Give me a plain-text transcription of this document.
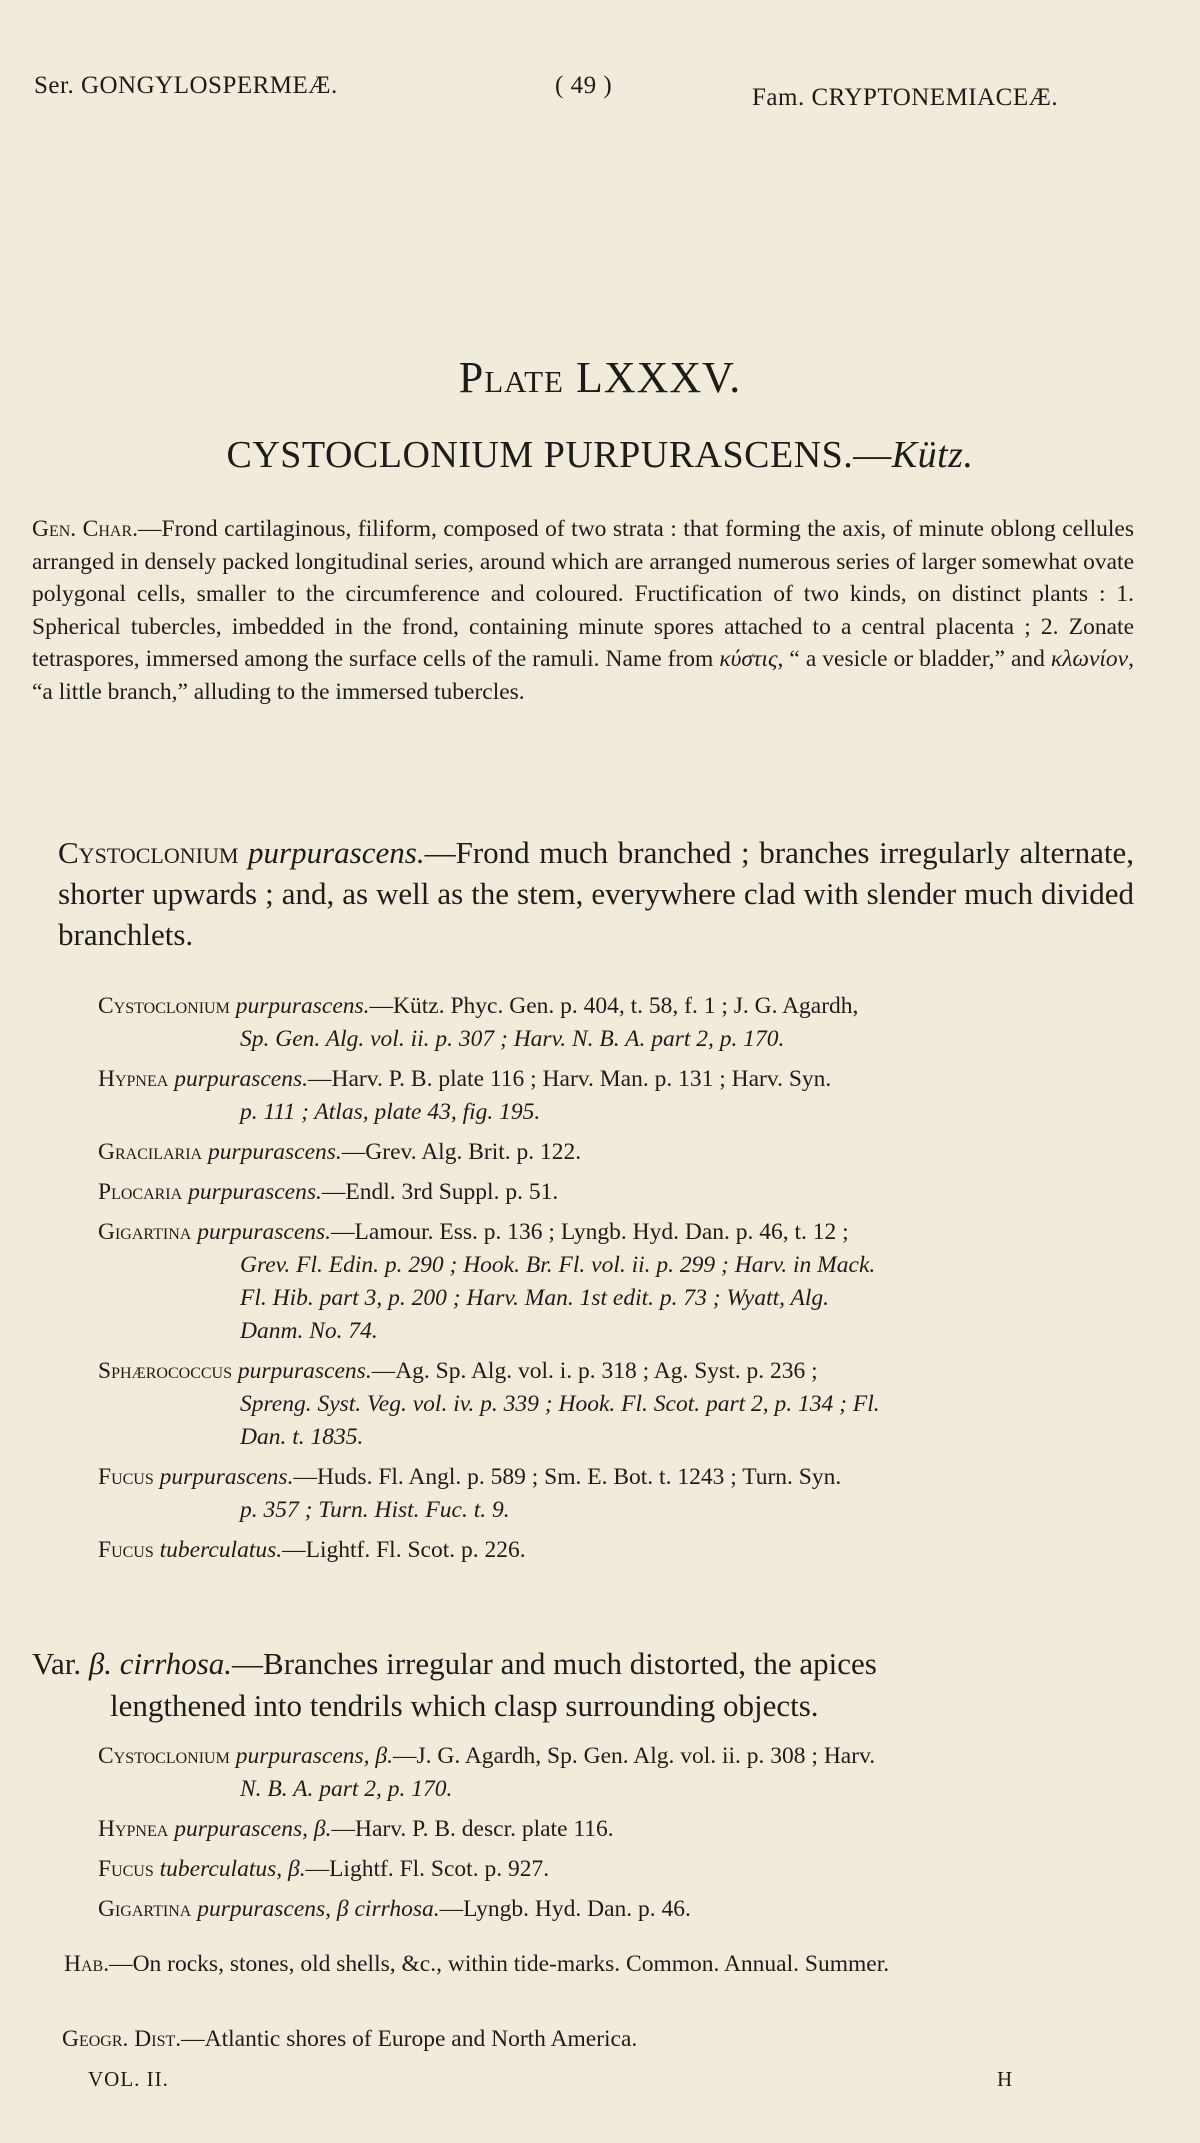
Ser. GONGYLOSPERMEÆ.	( 49 )	Fam. CRYPTONEMIACEÆ.
Plate LXXXV.
CYSTOCLONIUM PURPURASCENS.—Kütz.
Gen. Char.—Frond cartilaginous, filiform, composed of two strata : that forming the axis, of minute oblong cellules arranged in densely packed longitudinal series, around which are arranged numerous series of larger somewhat ovate polygonal cells, smaller to the circumference and coloured. Fructification of two kinds, on distinct plants : 1. Spherical tubercles, imbedded in the frond, containing minute spores attached to a central placenta ; 2. Zonate tetraspores, immersed among the surface cells of the ramuli. Name from κύστις, “ a vesicle or bladder,” and κλωνίον, “a little branch,” alluding to the immersed tubercles.
Cystoclonium purpurascens.—Frond much branched ; branches irregularly alternate, shorter upwards ; and, as well as the stem, everywhere clad with slender much divided branchlets.
Cystoclonium purpurascens.—Kütz. Phyc. Gen. p. 404, t. 58, f. 1 ; J. G. Agardh,
Sp. Gen. Alg. vol. ii. p. 307 ; Harv. N. B. A. part 2, p. 170.
Hypnea purpurascens.—Harv. P. B. plate 116 ; Harv. Man. p. 131 ; Harv. Syn.
p. 111 ; Atlas, plate 43, fig. 195.
Gracilaria purpurascens.—Grev. Alg. Brit. p. 122.
Plocaria purpurascens.—Endl. 3rd Suppl. p. 51.
Gigartina purpurascens.—Lamour. Ess. p. 136 ; Lyngb. Hyd. Dan. p. 46, t. 12 ;
Grev. Fl. Edin. p. 290 ; Hook. Br. Fl. vol. ii. p. 299 ; Harv. in Mack.
Fl. Hib. part 3, p. 200 ; Harv. Man. 1st edit. p. 73 ; Wyatt, Alg.
Danm. No. 74.
Sphærococcus purpurascens.—Ag. Sp. Alg. vol. i. p. 318 ; Ag. Syst. p. 236 ;
Spreng. Syst. Veg. vol. iv. p. 339 ; Hook. Fl. Scot. part 2, p. 134 ; Fl.
Dan. t. 1835.
Fucus purpurascens.—Huds. Fl. Angl. p. 589 ; Sm. E. Bot. t. 1243 ; Turn. Syn.
p. 357 ; Turn. Hist. Fuc. t. 9.
Fucus tuberculatus.—Lightf. Fl. Scot. p. 226.
Var. β. cirrhosa.—Branches irregular and much distorted, the apices
lengthened into tendrils which clasp surrounding objects.
Cystoclonium purpurascens, β.—J. G. Agardh, Sp. Gen. Alg. vol. ii. p. 308 ; Harv.
N. B. A. part 2, p. 170.
Hypnea purpurascens, β.—Harv. P. B. descr. plate 116.
Fucus tuberculatus, β.—Lightf. Fl. Scot. p. 927.
Gigartina purpurascens, β cirrhosa.—Lyngb. Hyd. Dan. p. 46.
Hab.—On rocks, stones, old shells, &c., within tide-marks. Common. Annual. Summer.
Geogr. Dist.—Atlantic shores of Europe and North America.
VOL. II.	H
